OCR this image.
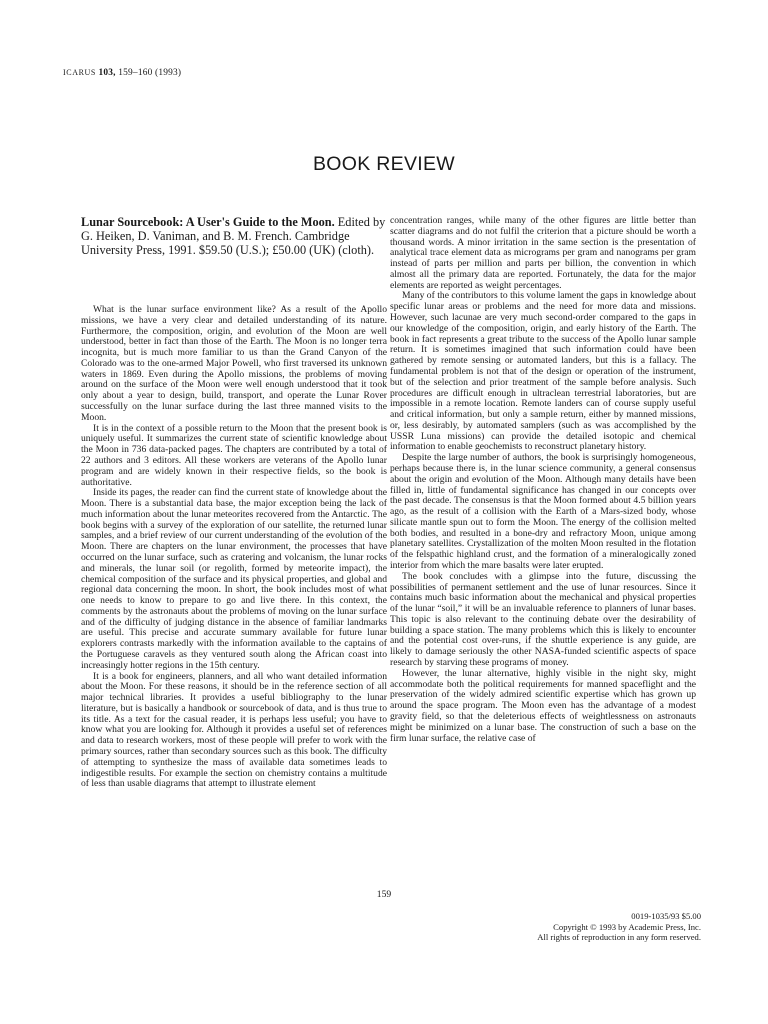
ICARUS 103, 159–160 (1993)
BOOK REVIEW

Lunar Sourcebook: A User's Guide to the Moon. Edited by G. Heiken, D. Vaniman, and B. M. French. Cambridge University Press, 1991. $59.50 (U.S.); £50.00 (UK) (cloth).

What is the lunar surface environment like? As a result of the Apollo missions, we have a very clear and detailed understanding of its nature. Furthermore, the composition, origin, and evolution of the Moon are well understood, better in fact than those of the Earth. The Moon is no longer terra incognita, but is much more familiar to us than the Grand Canyon of the Colorado was to the one-armed Major Powell, who first traversed its unknown waters in 1869. Even during the Apollo missions, the problems of moving around on the surface of the Moon were well enough understood that it took only about a year to design, build, transport, and operate the Lunar Rover successfully on the lunar surface during the last three manned visits to the Moon.

It is in the context of a possible return to the Moon that the present book is uniquely useful. It summarizes the current state of scientific knowledge about the Moon in 736 data-packed pages. The chapters are contributed by a total of 22 authors and 3 editors. All these workers are veterans of the Apollo lunar program and are widely known in their respective fields, so the book is authoritative.

Inside its pages, the reader can find the current state of knowledge about the Moon. There is a substantial data base, the major exception being the lack of much information about the lunar meteorites recovered from the Antarctic. The book begins with a survey of the exploration of our satellite, the returned lunar samples, and a brief review of our current understanding of the evolution of the Moon. There are chapters on the lunar environment, the processes that have occurred on the lunar surface, such as cratering and volcanism, the lunar rocks and minerals, the lunar soil (or regolith, formed by meteorite impact), the chemical composition of the surface and its physical properties, and global and regional data concerning the moon. In short, the book includes most of what one needs to know to prepare to go and live there. In this context, the comments by the astronauts about the problems of moving on the lunar surface and of the difficulty of judging distance in the absence of familiar landmarks are useful. This precise and accurate summary available for future lunar explorers contrasts markedly with the information available to the captains of the Portuguese caravels as they ventured south along the African coast into increasingly hotter regions in the 15th century.

It is a book for engineers, planners, and all who want detailed information about the Moon. For these reasons, it should be in the reference section of all major technical libraries. It provides a useful bibliography to the lunar literature, but is basically a handbook or sourcebook of data, and is thus true to its title. As a text for the casual reader, it is perhaps less useful; you have to know what you are looking for. Although it provides a useful set of references and data to research workers, most of these people will prefer to work with the primary sources, rather than secondary sources such as this book. The difficulty of attempting to synthesize the mass of available data sometimes leads to indigestible results. For example the section on chemistry contains a multitude of less than usable diagrams that attempt to illustrate element

concentration ranges, while many of the other figures are little better than scatter diagrams and do not fulfil the criterion that a picture should be worth a thousand words. A minor irritation in the same section is the presentation of analytical trace element data as micrograms per gram and nanograms per gram instead of parts per million and parts per billion, the convention in which almost all the primary data are reported. Fortunately, the data for the major elements are reported as weight percentages.

Many of the contributors to this volume lament the gaps in knowledge about specific lunar areas or problems and the need for more data and missions. However, such lacunae are very much second-order compared to the gaps in our knowledge of the composition, origin, and early history of the Earth. The book in fact represents a great tribute to the success of the Apollo lunar sample return. It is sometimes imagined that such information could have been gathered by remote sensing or automated landers, but this is a fallacy. The fundamental problem is not that of the design or operation of the instrument, but of the selection and prior treatment of the sample before analysis. Such procedures are difficult enough in ultraclean terrestrial laboratories, but are impossible in a remote location. Remote landers can of course supply useful and critical information, but only a sample return, either by manned missions, or, less desirably, by automated samplers (such as was accomplished by the USSR Luna missions) can provide the detailed isotopic and chemical information to enable geochemists to reconstruct planetary history.

Despite the large number of authors, the book is surprisingly homogeneous, perhaps because there is, in the lunar science community, a general consensus about the origin and evolution of the Moon. Although many details have been filled in, little of fundamental significance has changed in our concepts over the past decade. The consensus is that the Moon formed about 4.5 billion years ago, as the result of a collision with the Earth of a Mars-sized body, whose silicate mantle spun out to form the Moon. The energy of the collision melted both bodies, and resulted in a bone-dry and refractory Moon, unique among planetary satellites. Crystallization of the molten Moon resulted in the flotation of the felspathic highland crust, and the formation of a mineralogically zoned interior from which the mare basalts were later erupted.

The book concludes with a glimpse into the future, discussing the possibilities of permanent settlement and the use of lunar resources. Since it contains much basic information about the mechanical and physical properties of the lunar “soil,” it will be an invaluable reference to planners of lunar bases. This topic is also relevant to the continuing debate over the desirability of building a space station. The many problems which this is likely to encounter and the potential cost over-runs, if the shuttle experience is any guide, are likely to damage seriously the other NASA-funded scientific aspects of space research by starving these programs of money.

However, the lunar alternative, highly visible in the night sky, might accommodate both the political requirements for manned spaceflight and the preservation of the widely admired scientific expertise which has grown up around the space program. The Moon even has the advantage of a modest gravity field, so that the deleterious effects of weightlessness on astronauts might be minimized on a lunar base. The construction of such a base on the firm lunar surface, the relative case of

159
0019-1035/93 $5.00
Copyright © 1993 by Academic Press, Inc.
All rights of reproduction in any form reserved.
